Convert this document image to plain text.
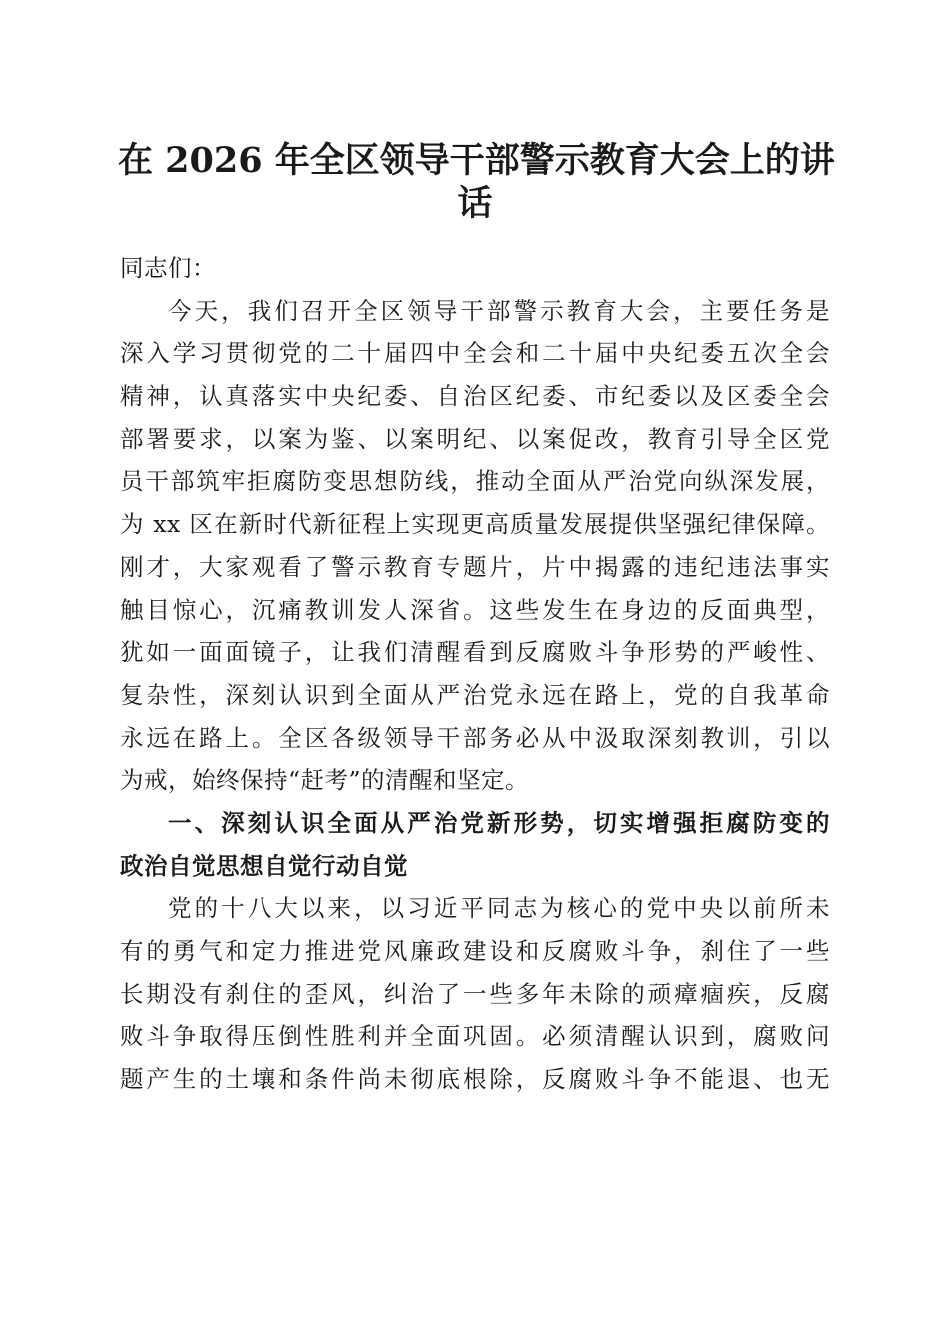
在 2026 年全区领导干部警示教育大会上的讲
话
同志们：
今天，我们召开全区领导干部警示教育大会，主要任务是
深入学习贯彻党的二十届四中全会和二十届中央纪委五次全会
精神，认真落实中央纪委、自治区纪委、市纪委以及区委全会
部署要求，以案为鉴、以案明纪、以案促改，教育引导全区党
员干部筑牢拒腐防变思想防线，推动全面从严治党向纵深发展，
为 xx 区在新时代新征程上实现更高质量发展提供坚强纪律保障。
刚才，大家观看了警示教育专题片，片中揭露的违纪违法事实
触目惊心，沉痛教训发人深省。这些发生在身边的反面典型，
犹如一面面镜子，让我们清醒看到反腐败斗争形势的严峻性、
复杂性，深刻认识到全面从严治党永远在路上，党的自我革命
永远在路上。全区各级领导干部务必从中汲取深刻教训，引以
为戒，始终保持“赶考”的清醒和坚定。
一、深刻认识全面从严治党新形势，切实增强拒腐防变的
政治自觉思想自觉行动自觉
党的十八大以来，以习近平同志为核心的党中央以前所未
有的勇气和定力推进党风廉政建设和反腐败斗争，刹住了一些
长期没有刹住的歪风，纠治了一些多年未除的顽瘴痼疾，反腐
败斗争取得压倒性胜利并全面巩固。必须清醒认识到，腐败问
题产生的土壤和条件尚未彻底根除，反腐败斗争不能退、也无
